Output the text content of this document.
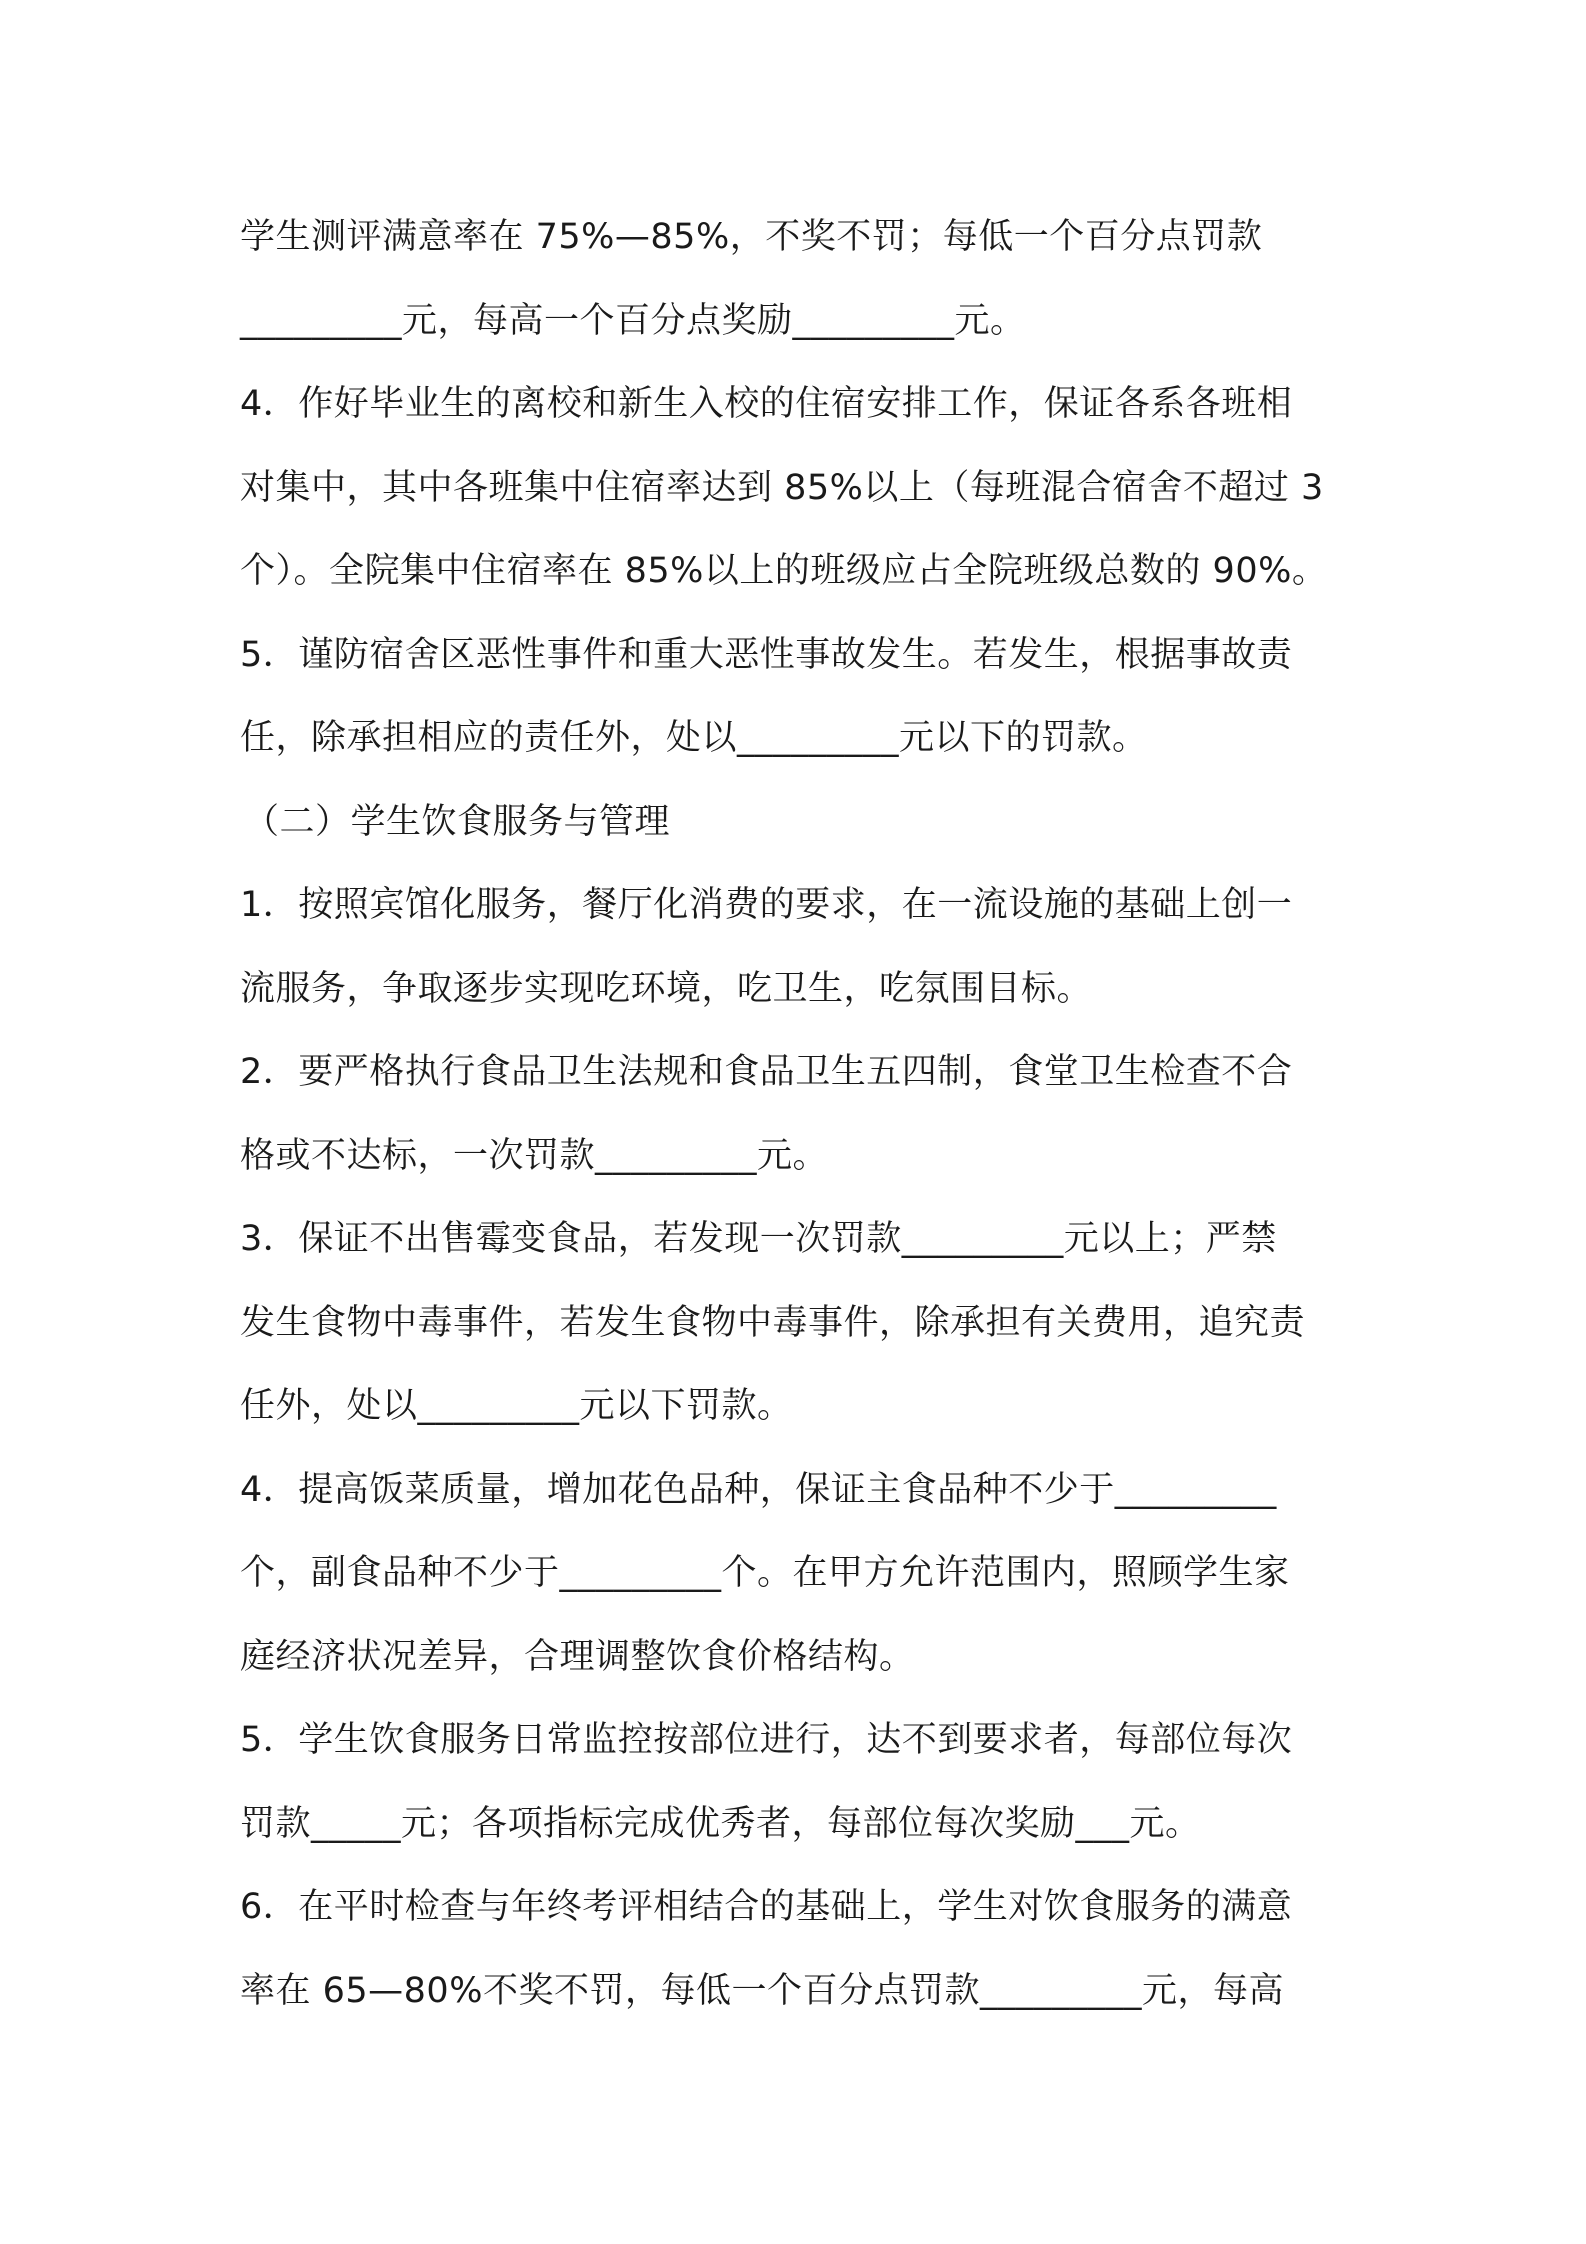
学生测评满意率在 75%—85%，不奖不罚；每低一个百分点罚款
_________元，每高一个百分点奖励_________元。
4．作好毕业生的离校和新生入校的住宿安排工作，保证各系各班相
对集中，其中各班集中住宿率达到 85%以上（每班混合宿舍不超过 3
个）。全院集中住宿率在 85%以上的班级应占全院班级总数的 90%。
5．谨防宿舍区恶性事件和重大恶性事故发生。若发生，根据事故责
任，除承担相应的责任外，处以_________元以下的罚款。
（二）学生饮食服务与管理
1．按照宾馆化服务，餐厅化消费的要求，在一流设施的基础上创一
流服务，争取逐步实现吃环境，吃卫生，吃氛围目标。
2．要严格执行食品卫生法规和食品卫生五四制，食堂卫生检查不合
格或不达标，一次罚款_________元。
3．保证不出售霉变食品，若发现一次罚款_________元以上；严禁
发生食物中毒事件，若发生食物中毒事件，除承担有关费用，追究责
任外，处以_________元以下罚款。
4．提高饭菜质量，增加花色品种，保证主食品种不少于_________
个，副食品种不少于_________个。在甲方允许范围内，照顾学生家
庭经济状况差异，合理调整饮食价格结构。
5．学生饮食服务日常监控按部位进行，达不到要求者，每部位每次
罚款_____元；各项指标完成优秀者，每部位每次奖励___元。
6．在平时检查与年终考评相结合的基础上，学生对饮食服务的满意
率在 65—80%不奖不罚，每低一个百分点罚款_________元，每高
